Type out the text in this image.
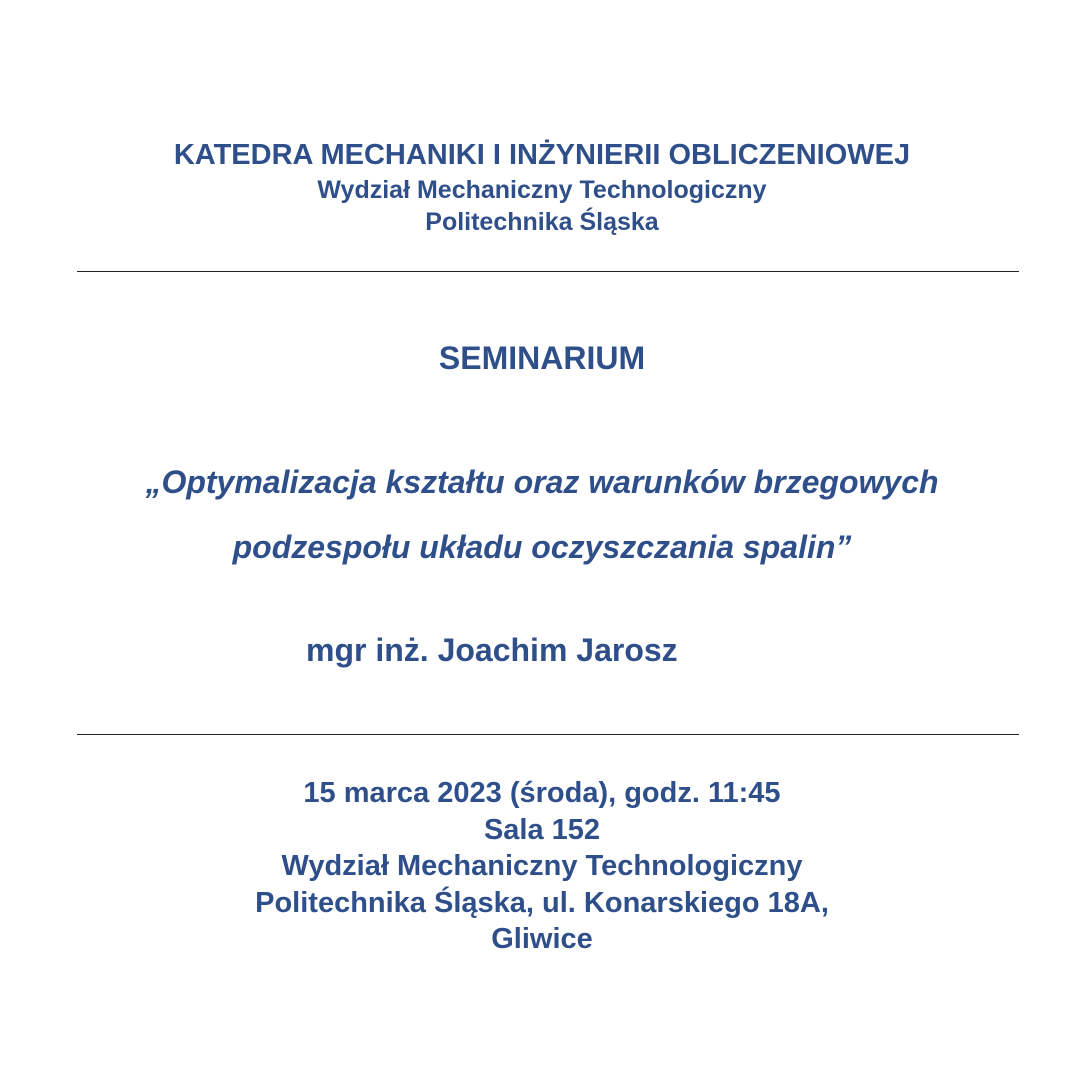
KATEDRA MECHANIKI I INŻYNIERII OBLICZENIOWEJ

Wydział Mechaniczny Technologiczny

Politechnika Śląska

SEMINARIUM

„Optymalizacja kształtu oraz warunków brzegowych

podzespołu układu oczyszczania spalin”

mgr inż. Joachim Jarosz

15 marca 2023 (środa), godz. 11:45

Sala 152

Wydział Mechaniczny Technologiczny

Politechnika Śląska, ul. Konarskiego 18A,

Gliwice
